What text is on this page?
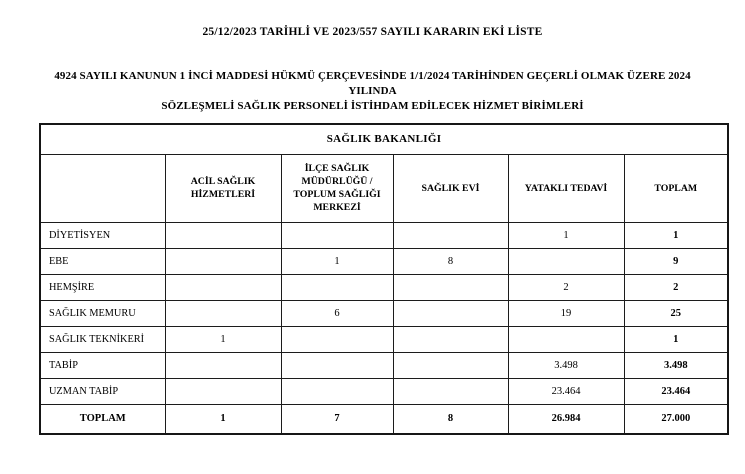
25/12/2023 TARİHLİ VE 2023/557 SAYILI KARARIN EKİ LİSTE
4924 SAYILI KANUNUN 1 İNCİ MADDESİ HÜKMÜ ÇERÇEVESİNDE 1/1/2024 TARİHİNDEN GEÇERLİ OLMAK ÜZERE 2024 YILINDA
SÖZLEŞMELİ SAĞLIK PERSONELİ İSTİHDAM EDİLECEK HİZMET BİRİMLERİ
SAĞLIK BAKANLIĞI					
	ACİL SAĞLIK HİZMETLERİ	İLÇE SAĞLIK MÜDÜRLÜĞÜ / TOPLUM SAĞLIĞI MERKEZİ	SAĞLIK EVİ	YATAKLI TEDAVİ	TOPLAM
DİYETİSYEN				1	1
EBE		1	8		9
HEMŞİRE				2	2
SAĞLIK MEMURU		6		19	25
SAĞLIK TEKNİKERİ	1				1
TABİP				3.498	3.498
UZMAN TABİP				23.464	23.464
TOPLAM	1	7	8	26.984	27.000
